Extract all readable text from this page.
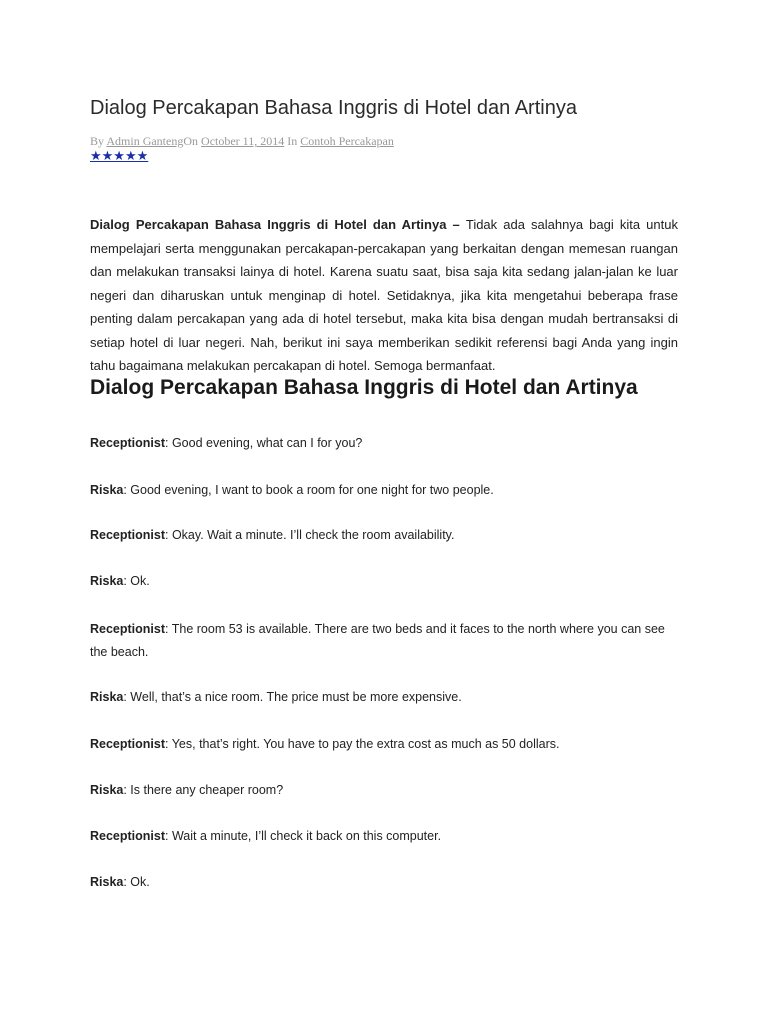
Dialog Percakapan Bahasa Inggris di Hotel dan Artinya
By Admin GantengOn October 11, 2014 In Contoh Percakapan
★★★★★

Dialog Percakapan Bahasa Inggris di Hotel dan Artinya – Tidak ada salahnya bagi kita untuk mempelajari serta menggunakan percakapan-percakapan yang berkaitan dengan memesan ruangan dan melakukan transaksi lainya di hotel. Karena suatu saat, bisa saja kita sedang jalan-jalan ke luar negeri dan diharuskan untuk menginap di hotel. Setidaknya, jika kita mengetahui beberapa frase penting dalam percakapan yang ada di hotel tersebut, maka kita bisa dengan mudah bertransaksi di setiap hotel di luar negeri. Nah, berikut ini saya memberikan sedikit referensi bagi Anda yang ingin tahu bagaimana melakukan percakapan di hotel. Semoga bermanfaat.

Dialog Percakapan Bahasa Inggris di Hotel dan Artinya

Receptionist: Good evening, what can I for you?

Riska: Good evening, I want to book a room for one night for two people.

Receptionist: Okay. Wait a minute. I’ll check the room availability.

Riska: Ok.

Receptionist: The room 53 is available. There are two beds and it faces to the north where you can see the beach.

Riska: Well, that’s a nice room. The price must be more expensive.

Receptionist: Yes, that’s right. You have to pay the extra cost as much as 50 dollars.

Riska: Is there any cheaper room?

Receptionist: Wait a minute, I’ll check it back on this computer.

Riska: Ok.
